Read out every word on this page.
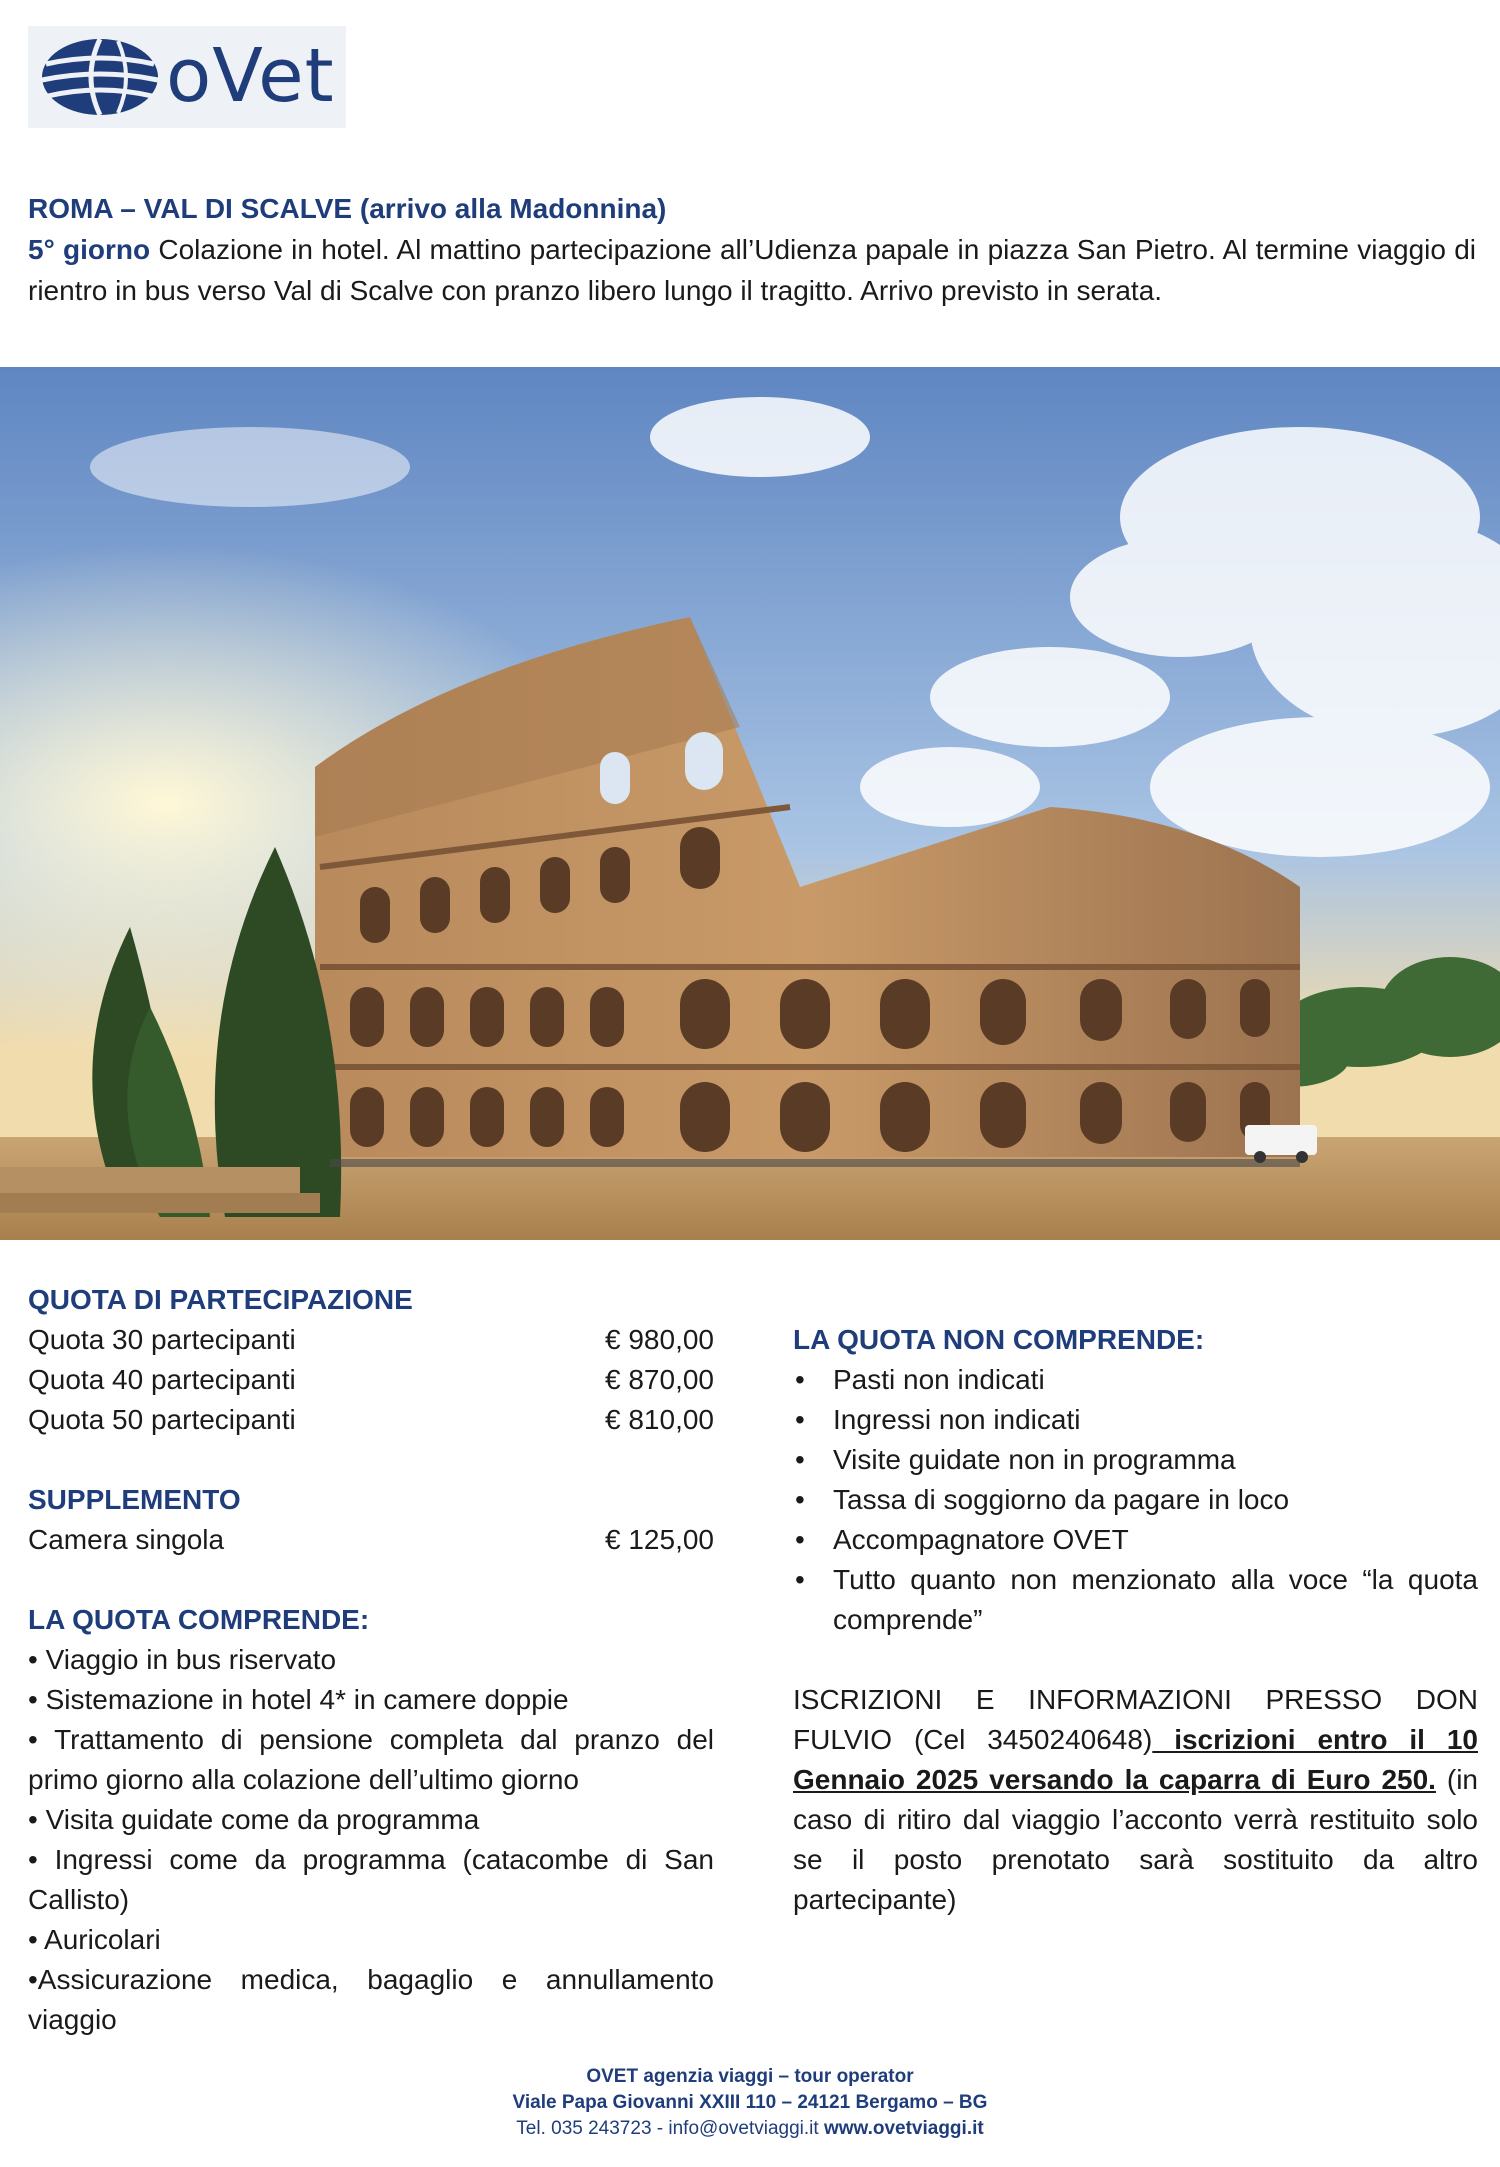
oVet

ROMA – VAL DI SCALVE (arrivo alla Madonnina)

5° giorno Colazione in hotel. Al mattino partecipazione all’Udienza papale in piazza San Pietro. Al termine viaggio di rientro in bus verso Val di Scalve con pranzo libero lungo il tragitto. Arrivo previsto in serata.

QUOTA DI PARTECIPAZIONE

Quota 30 partecipanti	€ 980,00
Quota 40 partecipanti	€ 870,00
Quota 50 partecipanti	€ 810,00

SUPPLEMENTO

Camera singola	€ 125,00

LA QUOTA COMPRENDE:

• Viaggio in bus riservato
• Sistemazione in hotel 4* in camere doppie
• Trattamento di pensione completa dal pranzo del primo giorno alla colazione dell’ultimo giorno
• Visita guidate come da programma
• Ingressi come da programma (catacombe di San Callisto)
• Auricolari
•Assicurazione medica, bagaglio e annullamento viaggio

LA QUOTA NON COMPRENDE:

• Pasti non indicati
• Ingressi non indicati
• Visite guidate non in programma
• Tassa di soggiorno da pagare in loco
• Accompagnatore OVET
• Tutto quanto non menzionato alla voce “la quota comprende”

ISCRIZIONI E INFORMAZIONI PRESSO DON FULVIO (Cel 3450240648) iscrizioni entro il 10 Gennaio 2025 versando la caparra di Euro 250. (in caso di ritiro dal viaggio l’acconto verrà restituito solo se il posto prenotato sarà sostituito da altro partecipante)

OVET agenzia viaggi – tour operator
Viale Papa Giovanni XXIII 110 – 24121 Bergamo – BG
Tel. 035 243723 - info@ovetviaggi.it www.ovetviaggi.it
